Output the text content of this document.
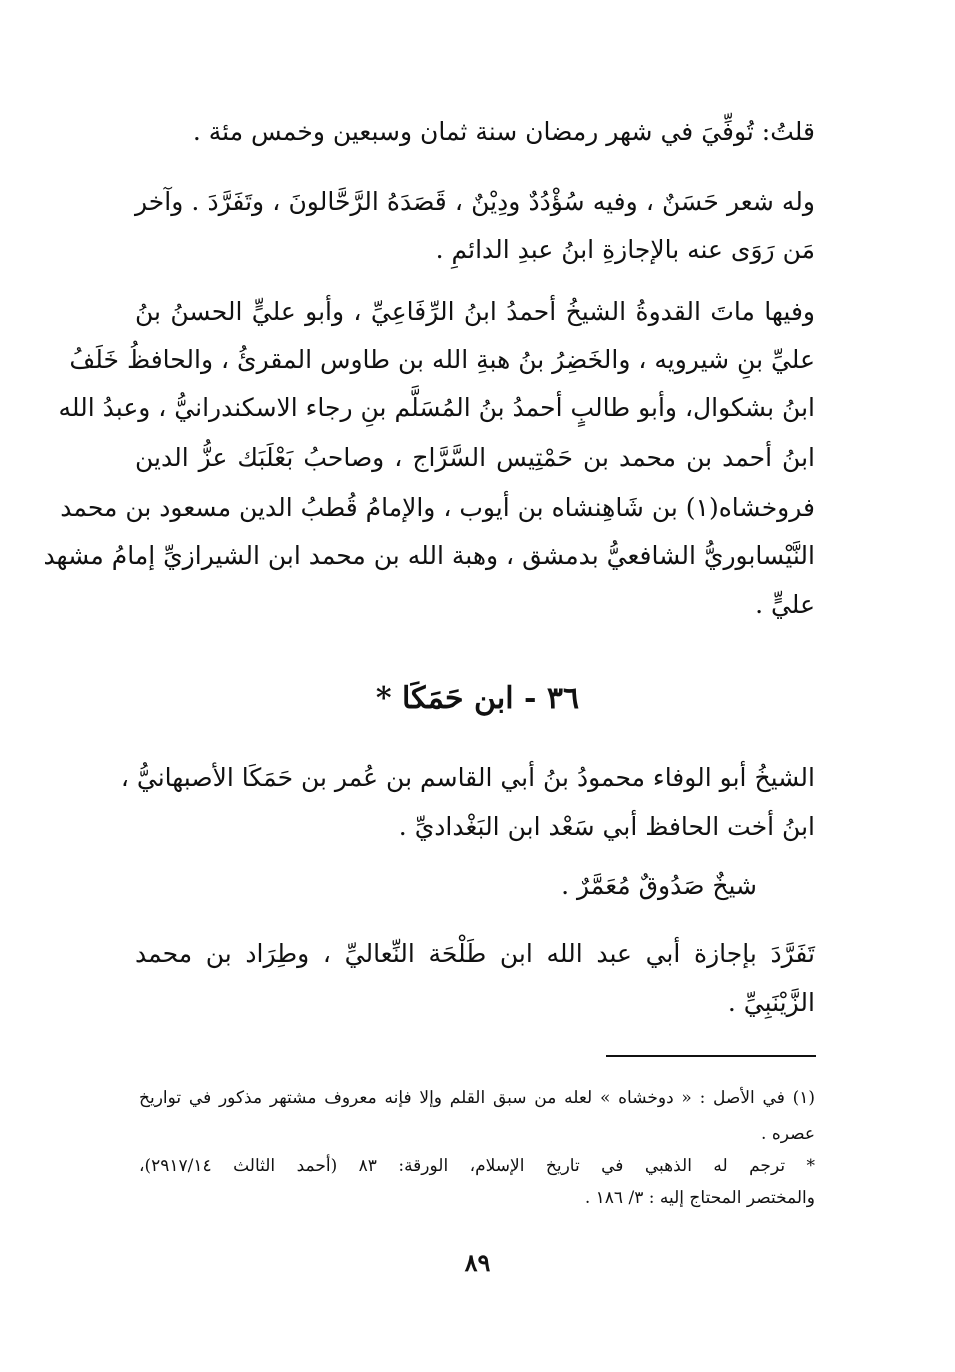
قلتُ: تُوفِّيَ في شهر رمضان سنة ثمان وسبعين وخمس مئة .
وله شعر حَسَنٌ ، وفيه سُؤْدُدٌ ودِيْنٌ ، قَصَدَهُ الرَّحَّالونَ ، وتَفَرَّدَ . وآخر
مَن رَوَى عنه بالإجازةِ ابنُ عبدِ الدائمِ .
وفيها ماتَ القدوةُ الشيخُ أحمدُ ابنُ الرِّفَاعِيِّ ، وأبو عليٍّ الحسنُ بنُ
عليِّ بنِ شيرويه ، والخَضِرُ بنُ هبةِ الله بن طاوس المقرئُ ، والحافظُ خَلَفُ
ابنُ بشكوال، وأبو طالبٍ أحمدُ بنُ المُسَلَّم بنِ رجاء الاسكندرانيُّ ، وعبدُ الله
ابنُ أحمد بن محمد بن حَمْتِيس السَّرَّاج ، وصاحبُ بَعْلَبَك عزُّ الدين
فروخشاه(١) بن شَاهِنشاه بن أيوب ، والإمامُ قُطبُ الدين مسعود بن محمد
النَّيْسابوريُّ الشافعيُّ بدمشق ، وهبة الله بن محمد ابن الشيرازيِّ إمامُ مشهد
عليٍّ .
٣٦ - ابن حَمَكَا *
الشيخُ أبو الوفاء محمودُ بنُ أبي القاسم بن عُمر بن حَمَكَا الأصبهانيُّ ،
ابنُ أخت الحافظ أبي سَعْد ابن البَغْداديِّ .
شيخٌ صَدُوقٌ مُعَمَّرٌ .
تَفَرَّدَ بإجازة أبي عبد الله ابن طَلْحَة النِّعاليِّ ، وطِرَاد بن محمد
الزَّيْنَبِيِّ .
(١) في الأصل : « دوخشاه » لعله من سبق القلم وإلا فإنه معروف مشتهر مذكور في تواريخ
عصره .
* ترجم له الذهبي في تاريخ الإسلام، الورقة: ٨٣ (أحمد الثالث ٢٩١٧/١٤)،
والمختصر المحتاج إليه : ٣/ ١٨٦ .
٨٩
